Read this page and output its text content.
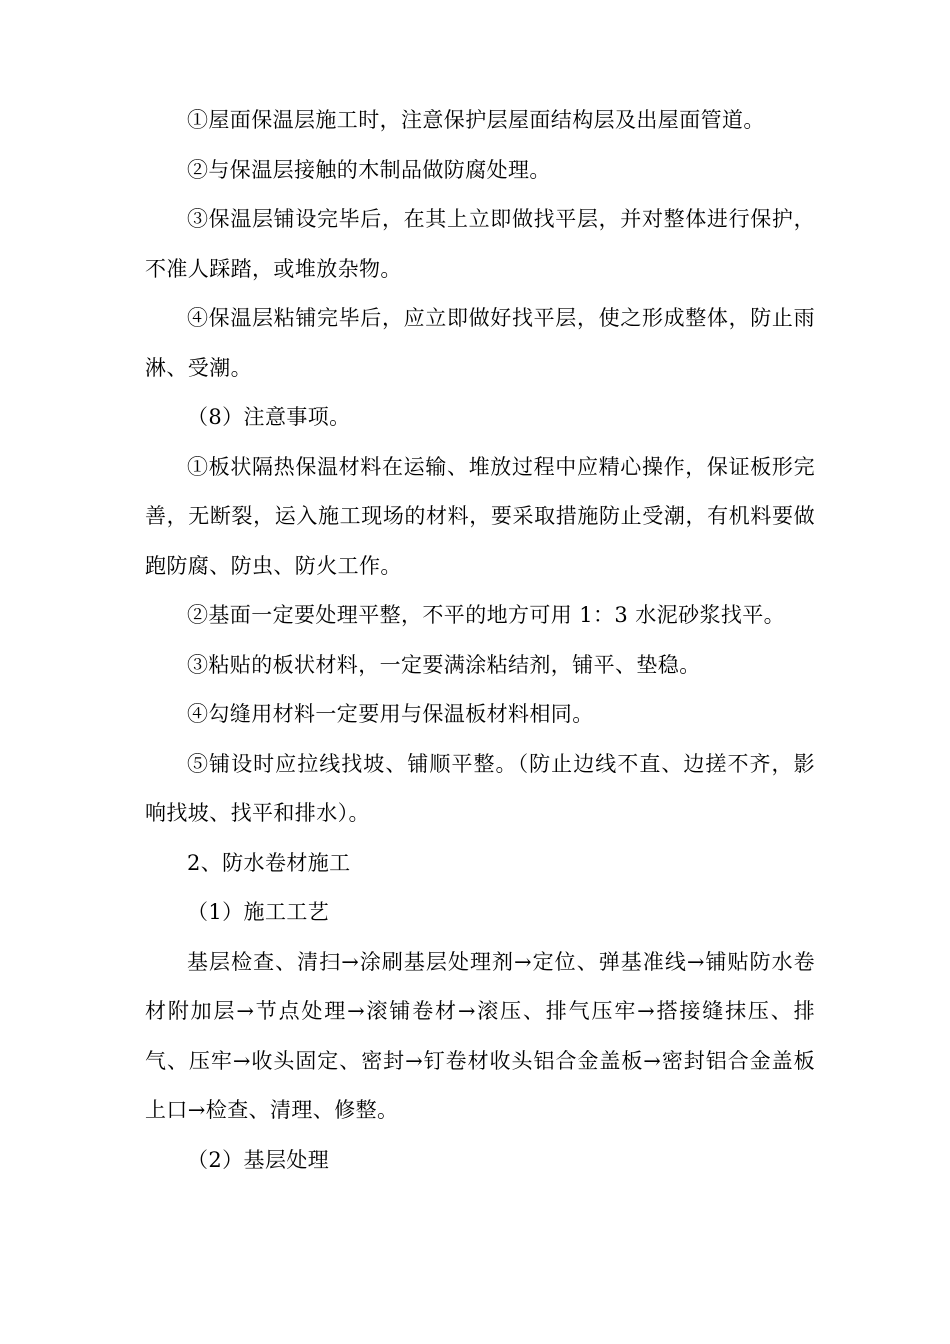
①屋面保温层施工时，注意保护层屋面结构层及出屋面管道。

②与保温层接触的木制品做防腐处理。

③保温层铺设完毕后，在其上立即做找平层，并对整体进行保护，不准人踩踏，或堆放杂物。

④保温层粘铺完毕后，应立即做好找平层，使之形成整体，防止雨淋、受潮。

（8）注意事项。

①板状隔热保温材料在运输、堆放过程中应精心操作，保证板形完善，无断裂，运入施工现场的材料，要采取措施防止受潮，有机料要做跑防腐、防虫、防火工作。

②基面一定要处理平整，不平的地方可用 1：3 水泥砂浆找平。

③粘贴的板状材料，一定要满涂粘结剂，铺平、垫稳。

④勾缝用材料一定要用与保温板材料相同。

⑤铺设时应拉线找坡、铺顺平整。（防止边线不直、边搓不齐，影响找坡、找平和排水）。

2、防水卷材施工

（1）施工工艺

基层检查、清扫→涂刷基层处理剂→定位、弹基准线→铺贴防水卷材附加层→节点处理→滚铺卷材→滚压、排气压牢→搭接缝抹压、排气、压牢→收头固定、密封→钉卷材收头铝合金盖板→密封铝合金盖板上口→检查、清理、修整。

（2）基层处理
